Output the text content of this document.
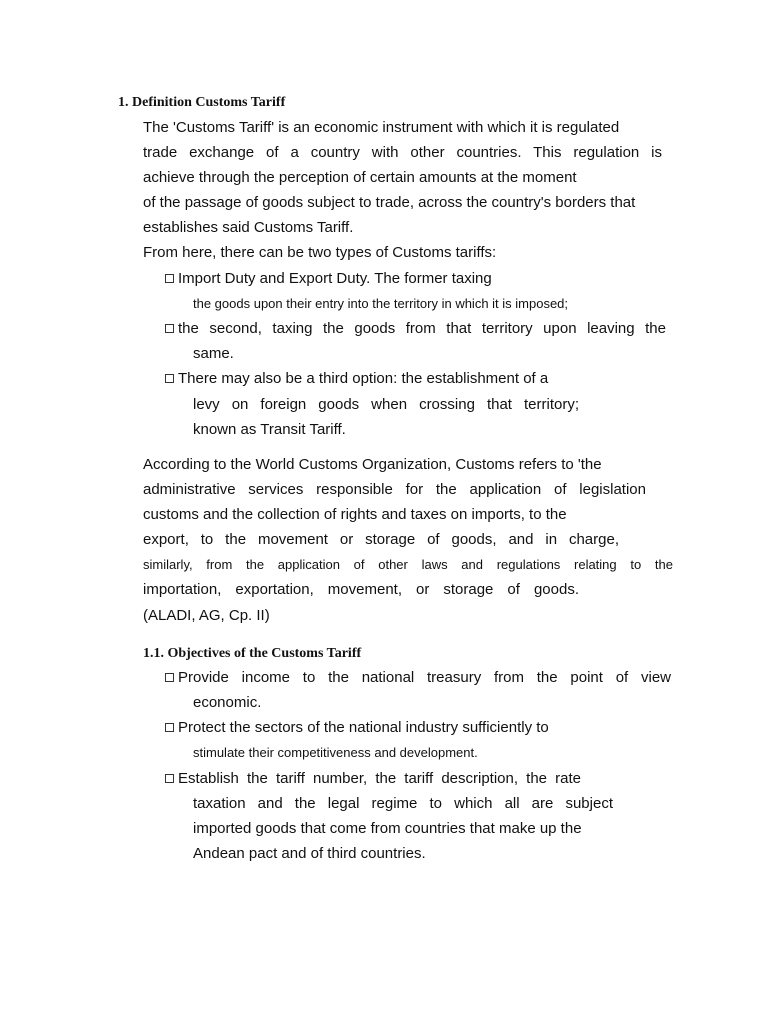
1. Definition Customs Tariff

The 'Customs Tariff' is an economic instrument with which it is regulated

trade exchange of a country with other countries. This regulation is

achieve through the perception of certain amounts at the moment

of the passage of goods subject to trade, across the country's borders that

establishes said Customs Tariff.

From here, there can be two types of Customs tariffs:

Import Duty and Export Duty. The former taxing

the goods upon their entry into the territory in which it is imposed;

the second, taxing the goods from that territory upon leaving the

same.

There may also be a third option: the establishment of a

levy on foreign goods when crossing that territory;

known as Transit Tariff.

According to the World Customs Organization, Customs refers to 'the

administrative services responsible for the application of legislation

customs and the collection of rights and taxes on imports, to the

export, to the movement or storage of goods, and in charge,

similarly, from the application of other laws and regulations relating to the

importation, exportation, movement, or storage of goods.

(ALADI, AG, Cp. II)

1.1. Objectives of the Customs Tariff

Provide income to the national treasury from the point of view

economic.

Protect the sectors of the national industry sufficiently to

stimulate their competitiveness and development.

Establish the tariff number, the tariff description, the rate

taxation and the legal regime to which all are subject

imported goods that come from countries that make up the

Andean pact and of third countries.
